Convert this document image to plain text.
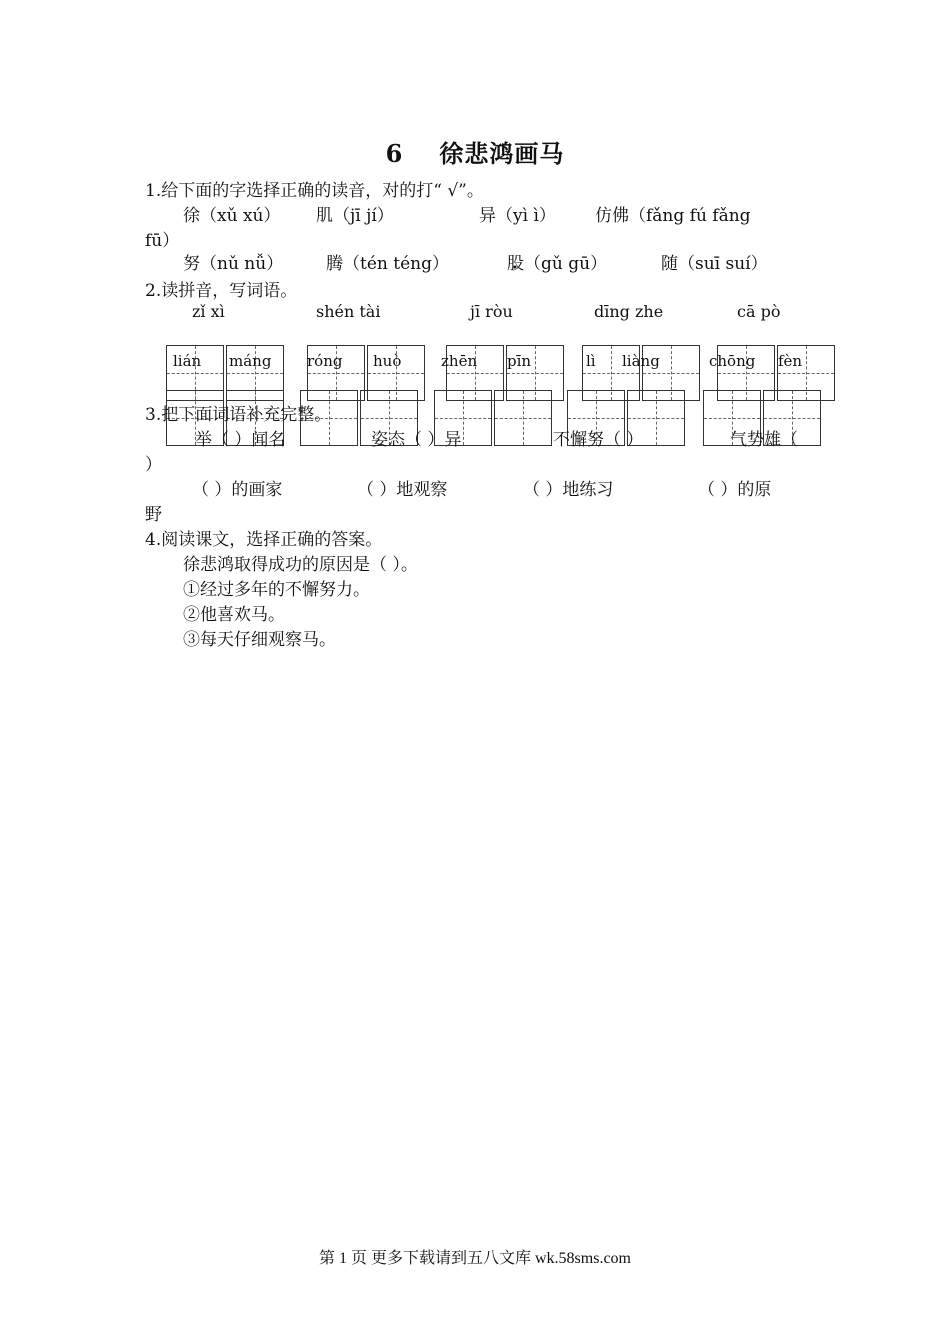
6 徐悲鸿画马
1.给下面的字选择正确的读音，对的打“ √”。
徐（xǔ xú） 肌（jī jí）	异（yì ì） 仿佛（fǎng fú fǎng
fū）
努（nǔ nǚ）	腾（tén téng）	股（gǔ gū） •	随（suī suí）
2.读拼音，写词语。
zǐ xì	shén tài	jī ròu	dīng zhe	cā pò
lián máng róng huò	zhēn pīn	lì liàng	chōng fèn
3.把下面词语补充完整。
举（ ）闻名	姿态（ ）异	不懈努（ ）	气势雄（
）
（ ）的画家	（ ）地观察	（ ）地练习	（ ）的原
野
4.阅读课文，选择正确的答案。
徐悲鸿取得成功的原因是（ ）。
①经过多年的不懈努力。
②他喜欢马。
③每天仔细观察马。
第 1 页 更多下载请到五八文库 wk.58sms.com
